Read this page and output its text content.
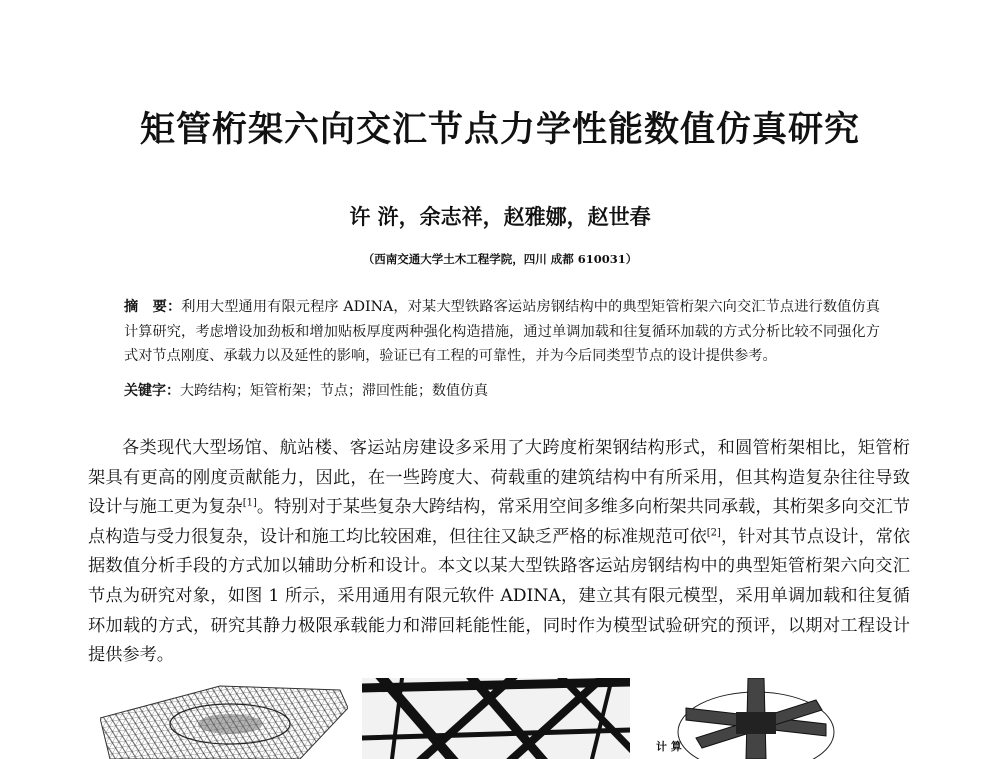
矩管桁架六向交汇节点力学性能数值仿真研究
许 浒，余志祥，赵雅娜，赵世春
（西南交通大学土木工程学院，四川 成都 610031）
摘　要：利用大型通用有限元程序 ADINA，对某大型铁路客运站房钢结构中的典型矩管桁架六向交汇节点进行数值仿真计算研究，考虑增设加劲板和增加贴板厚度两种强化构造措施，通过单调加载和往复循环加载的方式分析比较不同强化方式对节点刚度、承载力以及延性的影响，验证已有工程的可靠性，并为今后同类型节点的设计提供参考。
关键字：大跨结构；矩管桁架；节点；滞回性能；数值仿真
各类现代大型场馆、航站楼、客运站房建设多采用了大跨度桁架钢结构形式，和圆管桁架相比，矩管桁架具有更高的刚度贡献能力，因此，在一些跨度大、荷载重的建筑结构中有所采用，但其构造复杂往往导致设计与施工更为复杂[1]。特别对于某些复杂大跨结构，常采用空间多维多向桁架共同承载，其桁架多向交汇节点构造与受力很复杂，设计和施工均比较困难，但往往又缺乏严格的标准规范可依[2]，针对其节点设计，常依据数值分析手段的方式加以辅助分析和设计。本文以某大型铁路客运站房钢结构中的典型矩管桁架六向交汇节点为研究对象，如图 1 所示，采用通用有限元软件 ADINA，建立其有限元模型，采用单调加载和往复循环加载的方式，研究其静力极限承载能力和滞回耗能性能，同时作为模型试验研究的预评，以期对工程设计提供参考。
计 算
